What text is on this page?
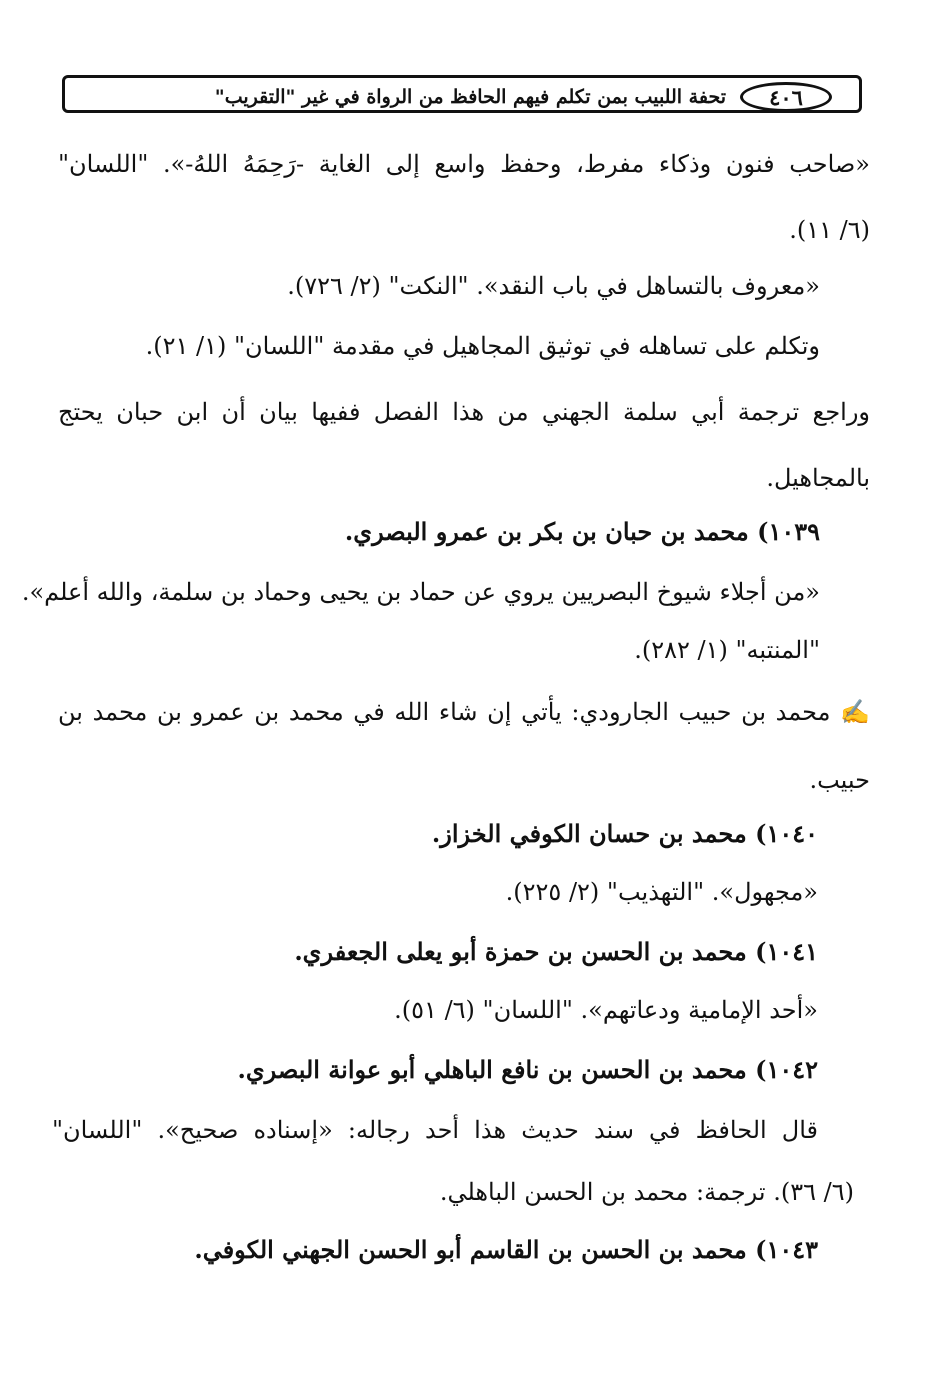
٤٠٦
تحفة اللبيب بمن تكلم فيهم الحافظ من الرواة في غير "التقريب"
«صاحب فنون وذكاء مفرط، وحفظ واسع إلى الغاية -رَحِمَهُ اللهُ-». "اللسان"
(٦/ ١١).
«معروف بالتساهل في باب النقد». "النكت" (٢/ ٧٢٦).
وتكلم على تساهله في توثيق المجاهيل في مقدمة "اللسان" (١/ ٢١).
وراجع ترجمة أبي سلمة الجهني من هذا الفصل ففيها بيان أن ابن حبان يحتج
بالمجاهيل.
١٠٣٩) محمد بن حبان بن بكر بن عمرو البصري.
«من أجلاء شيوخ البصريين يروي عن حماد بن يحيى وحماد بن سلمة، والله أعلم».
"المنتبه" (١/ ٢٨٢).
✍ محمد بن حبيب الجارودي: يأتي إن شاء الله في محمد بن عمرو بن محمد بن
حبيب.
١٠٤٠) محمد بن حسان الكوفي الخزاز.
«مجهول». "التهذيب" (٢/ ٢٢٥).
١٠٤١) محمد بن الحسن بن حمزة أبو يعلى الجعفري.
«أحد الإمامية ودعاتهم». "اللسان" (٦/ ٥١).
١٠٤٢) محمد بن الحسن بن نافع الباهلي أبو عوانة البصري.
قال الحافظ في سند حديث هذا أحد رجاله: «إسناده صحيح». "اللسان"
(٦/ ٣٦). ترجمة: محمد بن الحسن الباهلي.
١٠٤٣) محمد بن الحسن بن القاسم أبو الحسن الجهني الكوفي.
